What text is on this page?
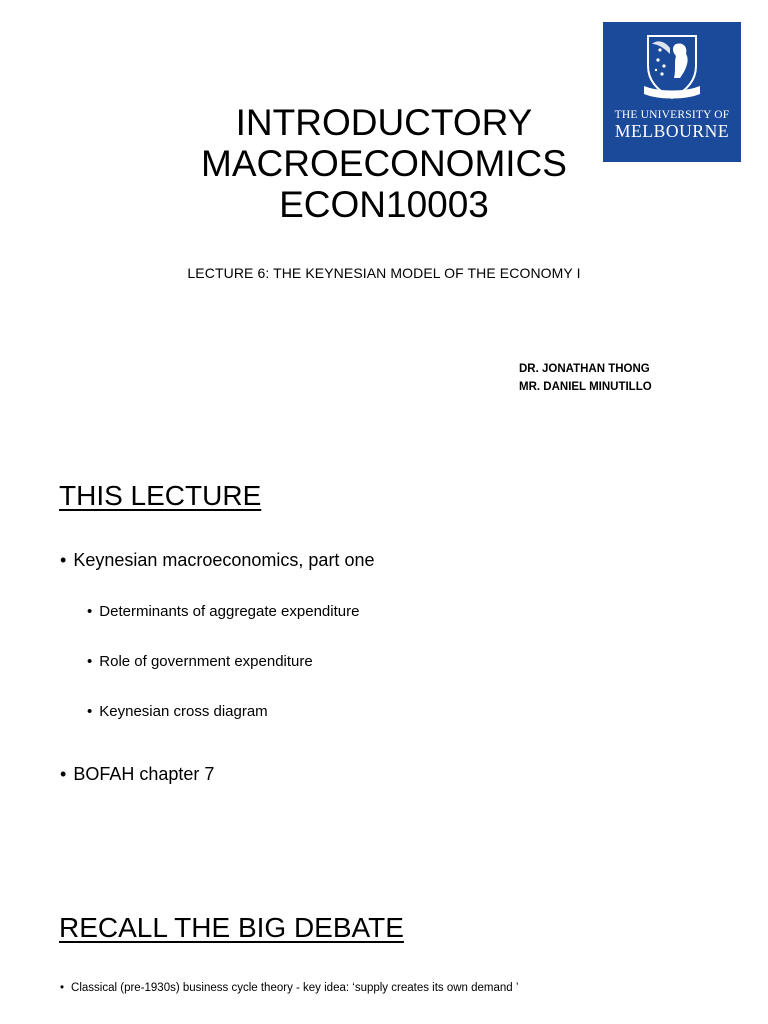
THE UNIVERSITY OF
MELBOURNE
INTRODUCTORY
MACROECONOMICS
ECON10003
LECTURE 6: THE KEYNESIAN MODEL OF THE ECONOMY I
DR. JONATHAN THONG
MR. DANIEL MINUTILLO
THIS LECTURE
• Keynesian macroeconomics, part one
• Determinants of aggregate expenditure
• Role of government expenditure
• Keynesian cross diagram
• BOFAH chapter 7
RECALL THE BIG DEBATE
• Classical (pre-1930s) business cycle theory - key idea: ‘supply creates its own demand ’
